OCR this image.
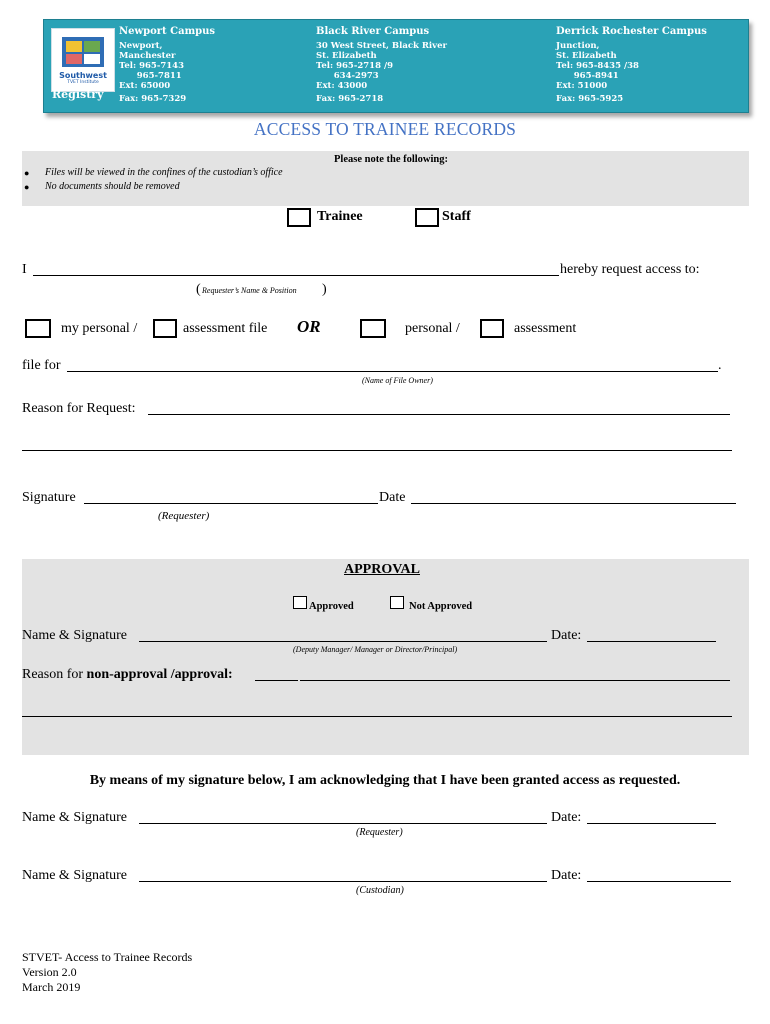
Southwest
TVET Institute
Registry
Newport Campus
Newport,
Manchester
Tel: 965-7143
965-7811
Ext: 65000
Fax: 965-7329
Black River Campus
30 West Street, Black River
St. Elizabeth
Tel: 965-2718 /9
634-2973
Ext: 43000
Fax: 965-2718
Derrick Rochester Campus
Junction,
St. Elizabeth
Tel: 965-8435 /38
965-8941
Ext: 51000
Fax: 965-5925
ACCESS TO TRAINEE RECORDS
Please note the following:
● Files will be viewed in the confines of the custodian’s office
● No documents should be removed
Trainee	Staff
I	hereby request access to:
( Requester’s Name & Position )
my personal /	assessment file OR	personal /	assessment
file for	.
(Name of File Owner)
Reason for Request:
Signature	Date
(Requester)
APPROVAL
Approved	Not Approved
Name & Signature	Date:
(Deputy Manager/ Manager or Director/Principal)
Reason for non-approval /approval:
By means of my signature below, I am acknowledging that I have been granted access as requested.
Name & Signature	Date:
(Requester)
Name & Signature	Date:
(Custodian)
STVET- Access to Trainee Records
Version 2.0
March 2019
